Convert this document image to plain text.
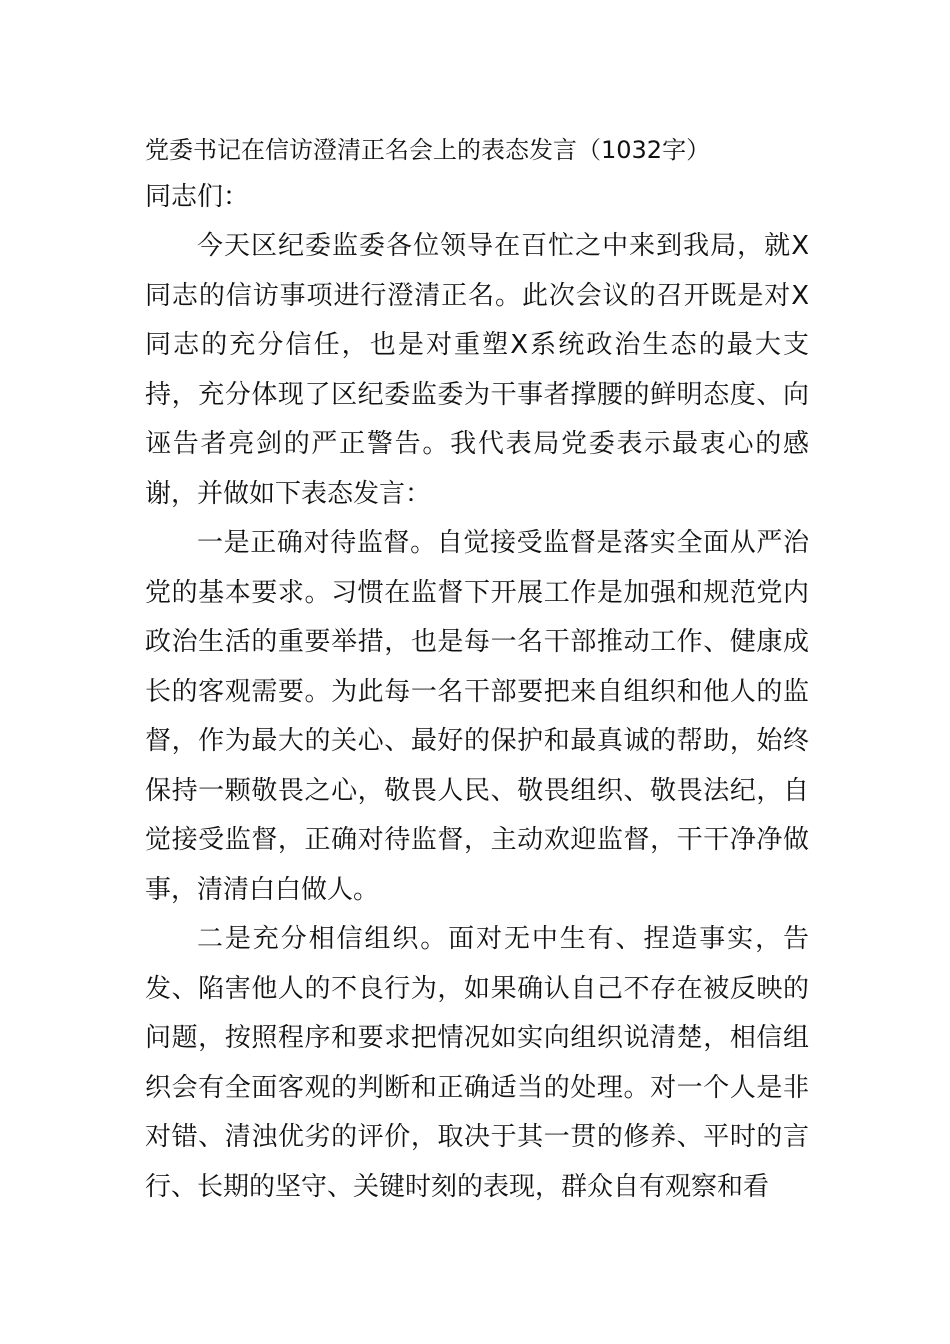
党委书记在信访澄清正名会上的表态发言（1032字）
同志们：

今天区纪委监委各位领导在百忙之中来到我局，就X同志的信访事项进行澄清正名。此次会议的召开既是对X同志的充分信任，也是对重塑X系统政治生态的最大支持，充分体现了区纪委监委为干事者撑腰的鲜明态度、向诬告者亮剑的严正警告。我代表局党委表示最衷心的感谢，并做如下表态发言：

一是正确对待监督。自觉接受监督是落实全面从严治党的基本要求。习惯在监督下开展工作是加强和规范党内政治生活的重要举措，也是每一名干部推动工作、健康成长的客观需要。为此每一名干部要把来自组织和他人的监督，作为最大的关心、最好的保护和最真诚的帮助，始终保持一颗敬畏之心，敬畏人民、敬畏组织、敬畏法纪，自觉接受监督，正确对待监督，主动欢迎监督，干干净净做事，清清白白做人。

二是充分相信组织。面对无中生有、捏造事实，告发、陷害他人的不良行为，如果确认自己不存在被反映的问题，按照程序和要求把情况如实向组织说清楚，相信组织会有全面客观的判断和正确适当的处理。对一个人是非对错、清浊优劣的评价，取决于其一贯的修养、平时的言行、长期的坚守、关键时刻的表现，群众自有观察和看
